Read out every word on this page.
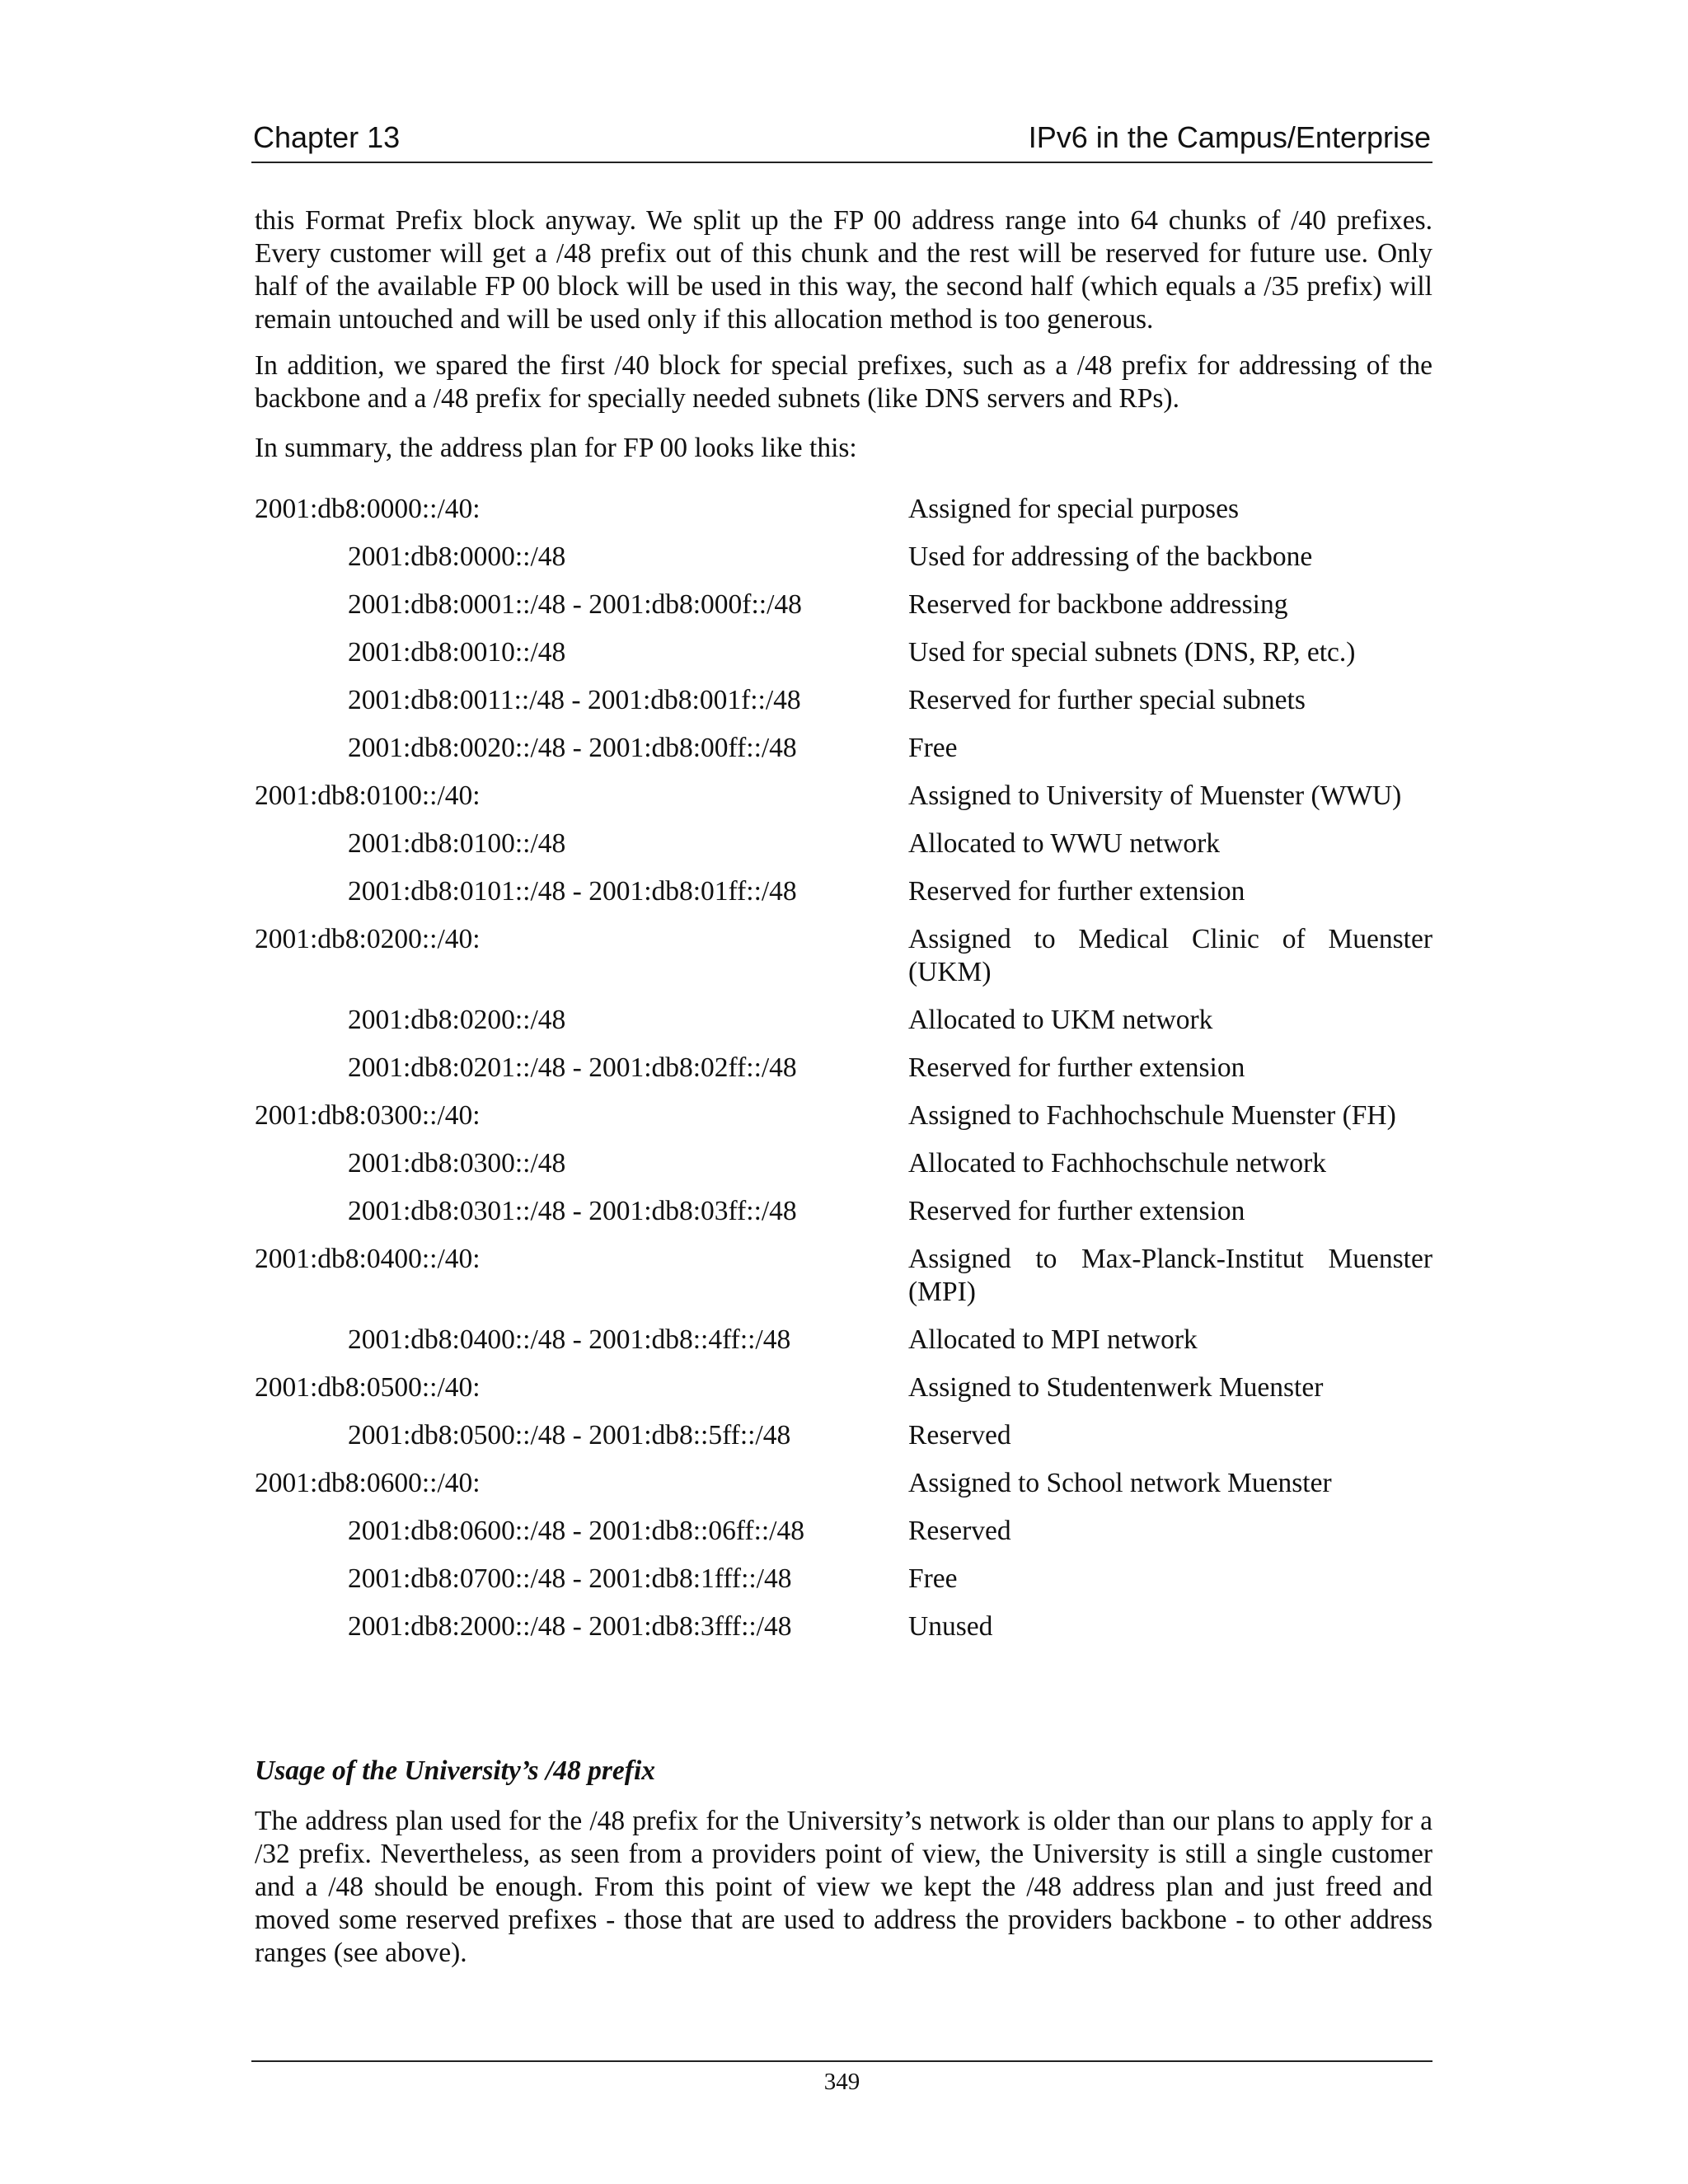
Chapter 13	IPv6 in the Campus/Enterprise

this Format Prefix block anyway. We split up the FP 00 address range into 64 chunks of /40 prefixes. Every customer will get a /48 prefix out of this chunk and the rest will be reserved for future use. Only half of the available FP 00 block will be used in this way, the second half (which equals a /35 prefix) will remain untouched and will be used only if this allocation method is too generous.

In addition, we spared the first /40 block for special prefixes, such as a /48 prefix for addressing of the backbone and a /48 prefix for specially needed subnets (like DNS servers and RPs).

In summary, the address plan for FP 00 looks like this:

2001:db8:0000::/40:	Assigned for special purposes
2001:db8:0000::/48	Used for addressing of the backbone
2001:db8:0001::/48 - 2001:db8:000f::/48	Reserved for backbone addressing
2001:db8:0010::/48	Used for special subnets (DNS, RP, etc.)
2001:db8:0011::/48 - 2001:db8:001f::/48	Reserved for further special subnets
2001:db8:0020::/48 - 2001:db8:00ff::/48	Free
2001:db8:0100::/40:	Assigned to University of Muenster (WWU)
2001:db8:0100::/48	Allocated to WWU network
2001:db8:0101::/48 - 2001:db8:01ff::/48	Reserved for further extension
2001:db8:0200::/40:	Assigned to Medical Clinic of Muenster (UKM)
2001:db8:0200::/48	Allocated to UKM network
2001:db8:0201::/48 - 2001:db8:02ff::/48	Reserved for further extension
2001:db8:0300::/40:	Assigned to Fachhochschule Muenster (FH)
2001:db8:0300::/48	Allocated to Fachhochschule network
2001:db8:0301::/48 - 2001:db8:03ff::/48	Reserved for further extension
2001:db8:0400::/40:	Assigned to Max-Planck-Institut Muenster (MPI)
2001:db8:0400::/48 - 2001:db8::4ff::/48	Allocated to MPI network
2001:db8:0500::/40:	Assigned to Studentenwerk Muenster
2001:db8:0500::/48 - 2001:db8::5ff::/48	Reserved
2001:db8:0600::/40:	Assigned to School network Muenster
2001:db8:0600::/48 - 2001:db8::06ff::/48	Reserved
2001:db8:0700::/48 - 2001:db8:1fff::/48	Free
2001:db8:2000::/48 - 2001:db8:3fff::/48	Unused
Usage of the University’s /48 prefix

The address plan used for the /48 prefix for the University’s network is older than our plans to apply for a /32 prefix. Nevertheless, as seen from a providers point of view, the University is still a single customer and a /48 should be enough. From this point of view we kept the /48 address plan and just freed and moved some reserved prefixes - those that are used to address the providers backbone - to other address ranges (see above).

349
